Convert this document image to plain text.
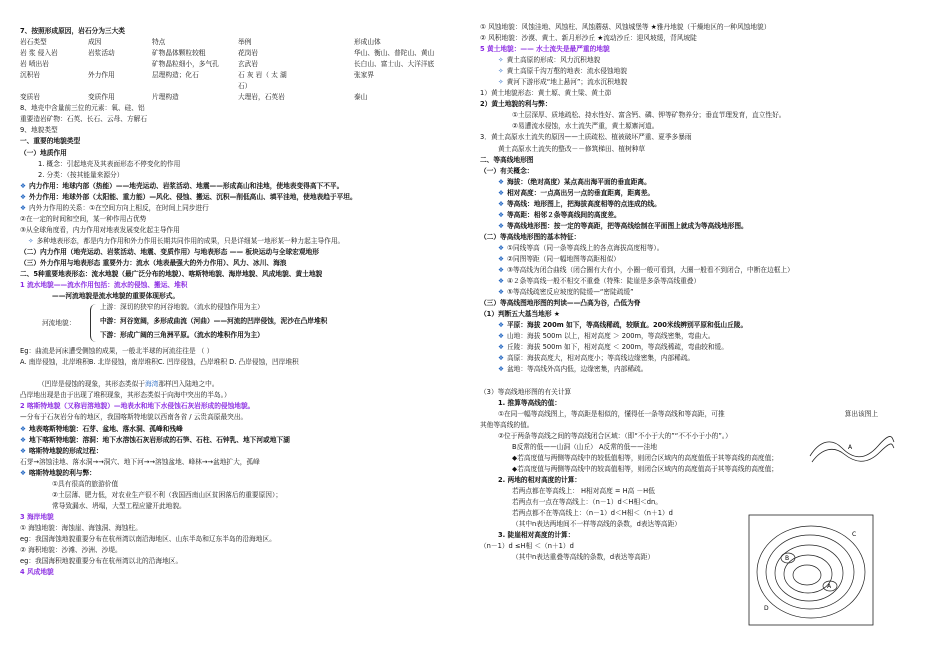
7、按照形成原因，岩石分为三大类
岩石类型	成因	特点	举例	形成山体
岩 浆 侵入岩	岩浆活动	矿物晶体颗粒较粗	花岗岩	华山、衡山、普陀山、黄山
岩 喷出岩	矿物晶粒细小，多气孔	玄武岩	长白山、富士山、大洋洋底
沉积岩	外力作用	层理构造；化石	石 灰 岩（ 太 湖	张家界
石）
变质岩	变质作用	片理构造	大理岩，石英岩	泰山
8、地壳中含量前三位的元素：氧、硅、铝
重要造岩矿物：石英、长石、云母、方解石
9、地貌类型
一、重要的地貌类型
（一）地质作用
1. 概念：引起地壳及其表面形态不停变化的作用
2. 分类：（按其能量来源分）
❖ 内力作用：地球内部（热能）——地壳运动、岩浆活动、地震——形成高山和洼地，使地表变得高下不平。
❖ 外力作用：地球外部（太阳能、重力能）—风化、侵蚀、搬运、沉积—削低高山、填平洼地，使地表趋于平坦。
❖ 内外力作用的关系：①在空间方向上相反，在时间上同步进行
②在一定的时间和空间，某一种作用占优势
③从全球角度看，内力作用对地表发展变化起主导作用
✧ 多种地表形态，都是内力作用和外力作用长期共同作用的成果，只是详细某一地形某一种力起主导作用。
（二）内力作用（地壳运动、岩浆活动、地震、变质作用）与地表形态 —— 板块运动与全球宏观地形
（三）外力作用与地表形态 重要外力：流水（地表最强大的外力作用）、风力、冰川、海浪
二、5种重要地表形态：流水地貌（最广泛分布的地貌）、喀斯特地貌、海岸地貌、风成地貌、黄土地貌
1 流水地貌——流水作用包括：流水的侵蚀、搬运、堆积
——河流地貌是流水地貌的重要体现形式。
河流地貌：
上游：深切的狭窄的河谷地貌。（流水的侵蚀作用为主）
中游：河谷宽阔，多形成曲流（河曲）——河流的凹岸侵蚀，泥沙在凸岸堆积
下游：形成广阔的三角洲平原。（流水的堆积作用为主）
Eg：曲流是河床遭受侧蚀的成果，一般北半球的河流往往是 （ ）
A. 南岸侵蚀，北岸堆积B. 北岸侵蚀，南岸堆积C. 凹岸侵蚀，凸岸堆积 D. 凸岸侵蚀，凹岸堆积
（凹岸是侵蚀的现象，其形态类似于海湾那样凹入陆地之中。
凸岸地出现是由于出现了堆积现象，其形态类似于向海中突出的半岛。）
2 喀斯特地貌（又称岩溶地貌）—地表水和地下水侵蚀石灰岩形成的侵蚀地貌。
—分布于石灰岩分布的地区，我国喀斯特地貌以西南各省 / 云贵高原最突出。
❖ 地表喀斯特地貌：石芽、盆地、落水洞、孤峰和残峰
❖ 地下喀斯特地貌：溶洞：地下水溶蚀石灰岩形成的石笋、石柱、石钟乳、地下河或地下湖
❖ 喀斯特地貌的形成过程：
石芽→溶蚀洼地、落水洞→→洞穴、地下河→→溶蚀盆地、峰林→→盆地扩大，孤峰
❖ 喀斯特地貌的利与弊：
①具有很高的旅游价值
②土层薄、肥力低，对农业生产很不利（我国西南山区贫困落后的重要原因）；
常导致漏水、坍塌，大型工程应避开此地貌。
3 海岸地貌
① 海蚀地貌：海蚀崖、海蚀洞、海蚀柱。
eg：我国海蚀地貌重要分布在杭州湾以南沿海地区、山东半岛和辽东半岛的沿海地区。
② 海积地貌：沙滩、沙洲、沙堤。
eg：我国海积地貌重要分布在杭州湾以北的沿海地区。
4 风成地貌
① 风蚀地貌：风蚀洼地、风蚀柱、风蚀蘑菇、风蚀城堡等 ★雅丹地貌（干燥地区的一种风蚀地貌）
② 风积地貌：沙漠、黄土、新月形沙丘 ★流动沙丘：迎风坡缓，背风坡陡
5 黄土地貌：—— 水土流失是最严重的地貌
✧ 黄土高原的形成：风力沉积地貌
✧ 黄土高原千沟万壑的地表：流水侵蚀地貌
✧ 黄河下游形成“地上悬河”；流水沉积地貌
1）黄土地貌形态：黄土塬、黄土梁、黄土峁
2）黄土地貌的利与弊：
①土层深厚、质地疏松、持水性好、富含钙、磷、钾等矿物养分；垂直节理发育，直立性好。
②易遭流水侵蚀，水土流失严重，黄土塬寨河道。
3．黄土高原水土流失的原因——土质疏松、植被破坏严重、夏季多暴雨
黄土高原水土流失的整改－－修筑梯田、植树种草
二、等高线地形图
（一）有关概念：
❖ 海拔：（绝对高度）某点高出海平面的垂直距离。
❖ 相对高度：一点高出另一点的垂直距离，距离差。
❖ 等高线：地形图上，把海拔高度相等的点连成的线。
❖ 等高距：相邻２条等高线间的高度差。
❖ 等高线地形图：按一定的等高距，把等高线绘制在平面图上就成为等高线地形图。
（二）等高线地形图的基本特征：
❖ ①同线等高（同一条等高线上的各点海拔高度相等）。
❖ ②同图等距（同一幅地图等高距相似）
❖ ③等高线为闭合曲线（闭合圈有大有小，小圈一般可看到，大圈一般看不到闭合，中断在边框上）
❖ ④２条等高线一般不相交不重叠（特殊：陡崖是多条等高线重叠）
❖ ⑤等高线疏密反应坡度的陡缓—“密陡疏缓”
（三）等高线图地形图的判读——凸高为谷，凸低为脊
（1）判断五大基当地形 ★
❖ 平原：海拔 200m 如下，等高线稀疏，较顺直。200米线辨别平原和低山丘陵。
❖ 山地：海拔 500m 以上，相对高度 ＞ 200m，等高线密集，弯曲大。
❖ 丘陵：海拔 500m 如下，相对高度 ＜ 200m，等高线稀疏，弯曲较和缓。
❖ 高原：海拔高度大，相对高度小；等高线边缘密集，内部稀疏。
❖ 盆地：等高线外高内低，边缘密集，内部稀疏。
（3）等高线地形图的有关计算
1. 推算等高线的值：
①在同一幅等高线图上，等高距是相似的，懂得任一条等高线和等高距，可推	算出该图上
其他等高线的值。
②位于两条等高线之间的等高线闭合区域：（即“不小于大的”“不不小于小的”。）
B反常的低——山洞（山丘） A反常的低——洼地
◆若高度值与两侧等高线中的较低值相等，则闭合区域内的高度值低于其等高线的高度值；
◆若高度值与两侧等高线中的较高值相等，则闭合区域内的高度值高于其等高线的高度值；
2. 两地的相对高度的计算：
若两点都在等高线上： H相对高度 = H高 －H低
若两点有一点在等高线上：（n－1）d＜H相＜dn。
若两点都不在等高线上：（n－1）d＜H相＜（n＋1）d
（其中n表达两地间不一样等高线的条数，d表达等高距）
3. 陡崖相对高度的计算：
（n－1）d ≤H相 ＜（n＋1）d
（其中n表达重叠等高线的条数，d表达等高距）
A
B
A
D
C
